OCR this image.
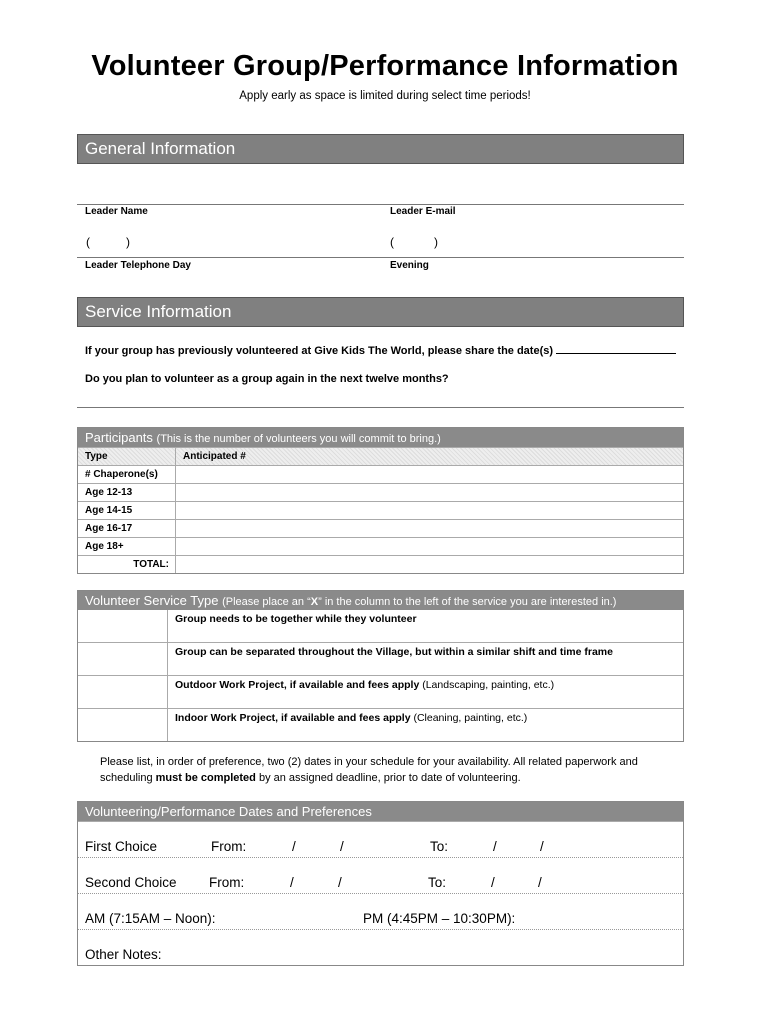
Volunteer Group/Performance Information
Apply early as space is limited during select time periods!
General Information
Leader Name	Leader E-mail
(	)	(	)
Leader Telephone Day	Evening
Service Information
If your group has previously volunteered at Give Kids The World, please share the date(s)
Do you plan to volunteer as a group again in the next twelve months?
Participants (This is the number of volunteers you will commit to bring.)
Type	Anticipated #
# Chaperone(s)
Age 12-13
Age 14-15
Age 16-17
Age 18+
TOTAL:
Volunteer Service Type (Please place an “X” in the column to the left of the service you are interested in.)
Group needs to be together while they volunteer
Group can be separated throughout the Village, but within a similar shift and time frame
Outdoor Work Project, if available and fees apply (Landscaping, painting, etc.)
Indoor Work Project, if available and fees apply (Cleaning, painting, etc.)
Please list, in order of preference, two (2) dates in your schedule for your availability. All related paperwork and scheduling must be completed by an assigned deadline, prior to date of volunteering.
Volunteering/Performance Dates and Preferences
First Choice	From:	/	/	To:	/	/
Second Choice From:	/	/	To:	/	/
AM (7:15AM – Noon):	PM (4:45PM – 10:30PM):
Other Notes:
